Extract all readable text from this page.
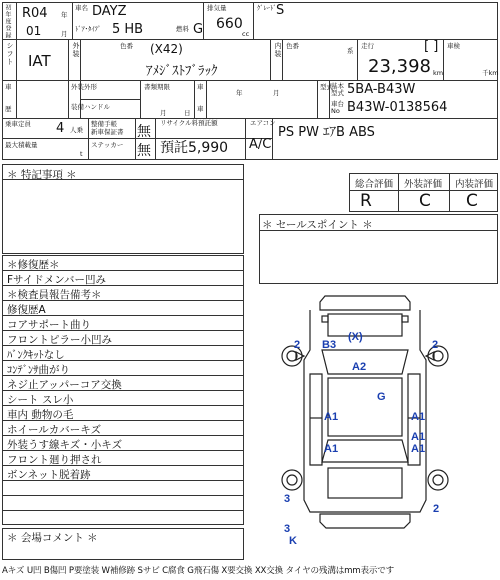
初年度登録 R04 年
01	月
車名 DAYZ
ﾄﾞｱ･ﾀｲﾌﾟ 5 HB	燃料 G
排気量
660
cc
ｸﾞﾚｰﾄﾞ S
シフト IAT
外装	色番 (X42)
ｱﾒｼﾞｽﾄﾌﾞﾗｯｸ
内装 色番
系
走行	[ ]
23,398 km
車検
千km
車
歴
外装 外形
装備 ハンドル
書類期限
月	日
車
車
年	月
型式
基本型式 5BA-B43W
車台No B43W-0138564
乗車定員 4 人乗
最大積載量
t
整備手帳
新車保証書
ステッカー
無
無
リサイクル料預託額
預託5,990
エアコン
A/C
PS PW ｴｱB ABS
＊ 特記事項 ＊
総合評価 外装評価 内装評価
R	C C
＊ セールスポイント ＊
＊修復歴＊
Fサイドメンバー凹み
＊検査員報告備考＊
修復歴A
コアサポート曲り
フロントピラー小凹み
ﾊﾞﾝｸｷｯﾄなし
ｺﾝﾃﾞﾝｻ曲がり
ネジ止アッパーコア交換
シート スレ小
車内 動物の毛
ホイールカバーキズ
外装うす線キズ・小キズ
フロント廻り押され
ボンネット脱着跡
＊ 会場コメント ＊
2 B3
(X)
2
A2
G
A1	A1
A1
A1	A1
2
3
3
K
Aキズ U凹 B傷凹 P要塗装 W補修跡 Sサビ C腐食 G飛石傷 X要交換 XX交換 タイヤの残溝はmm表示です
